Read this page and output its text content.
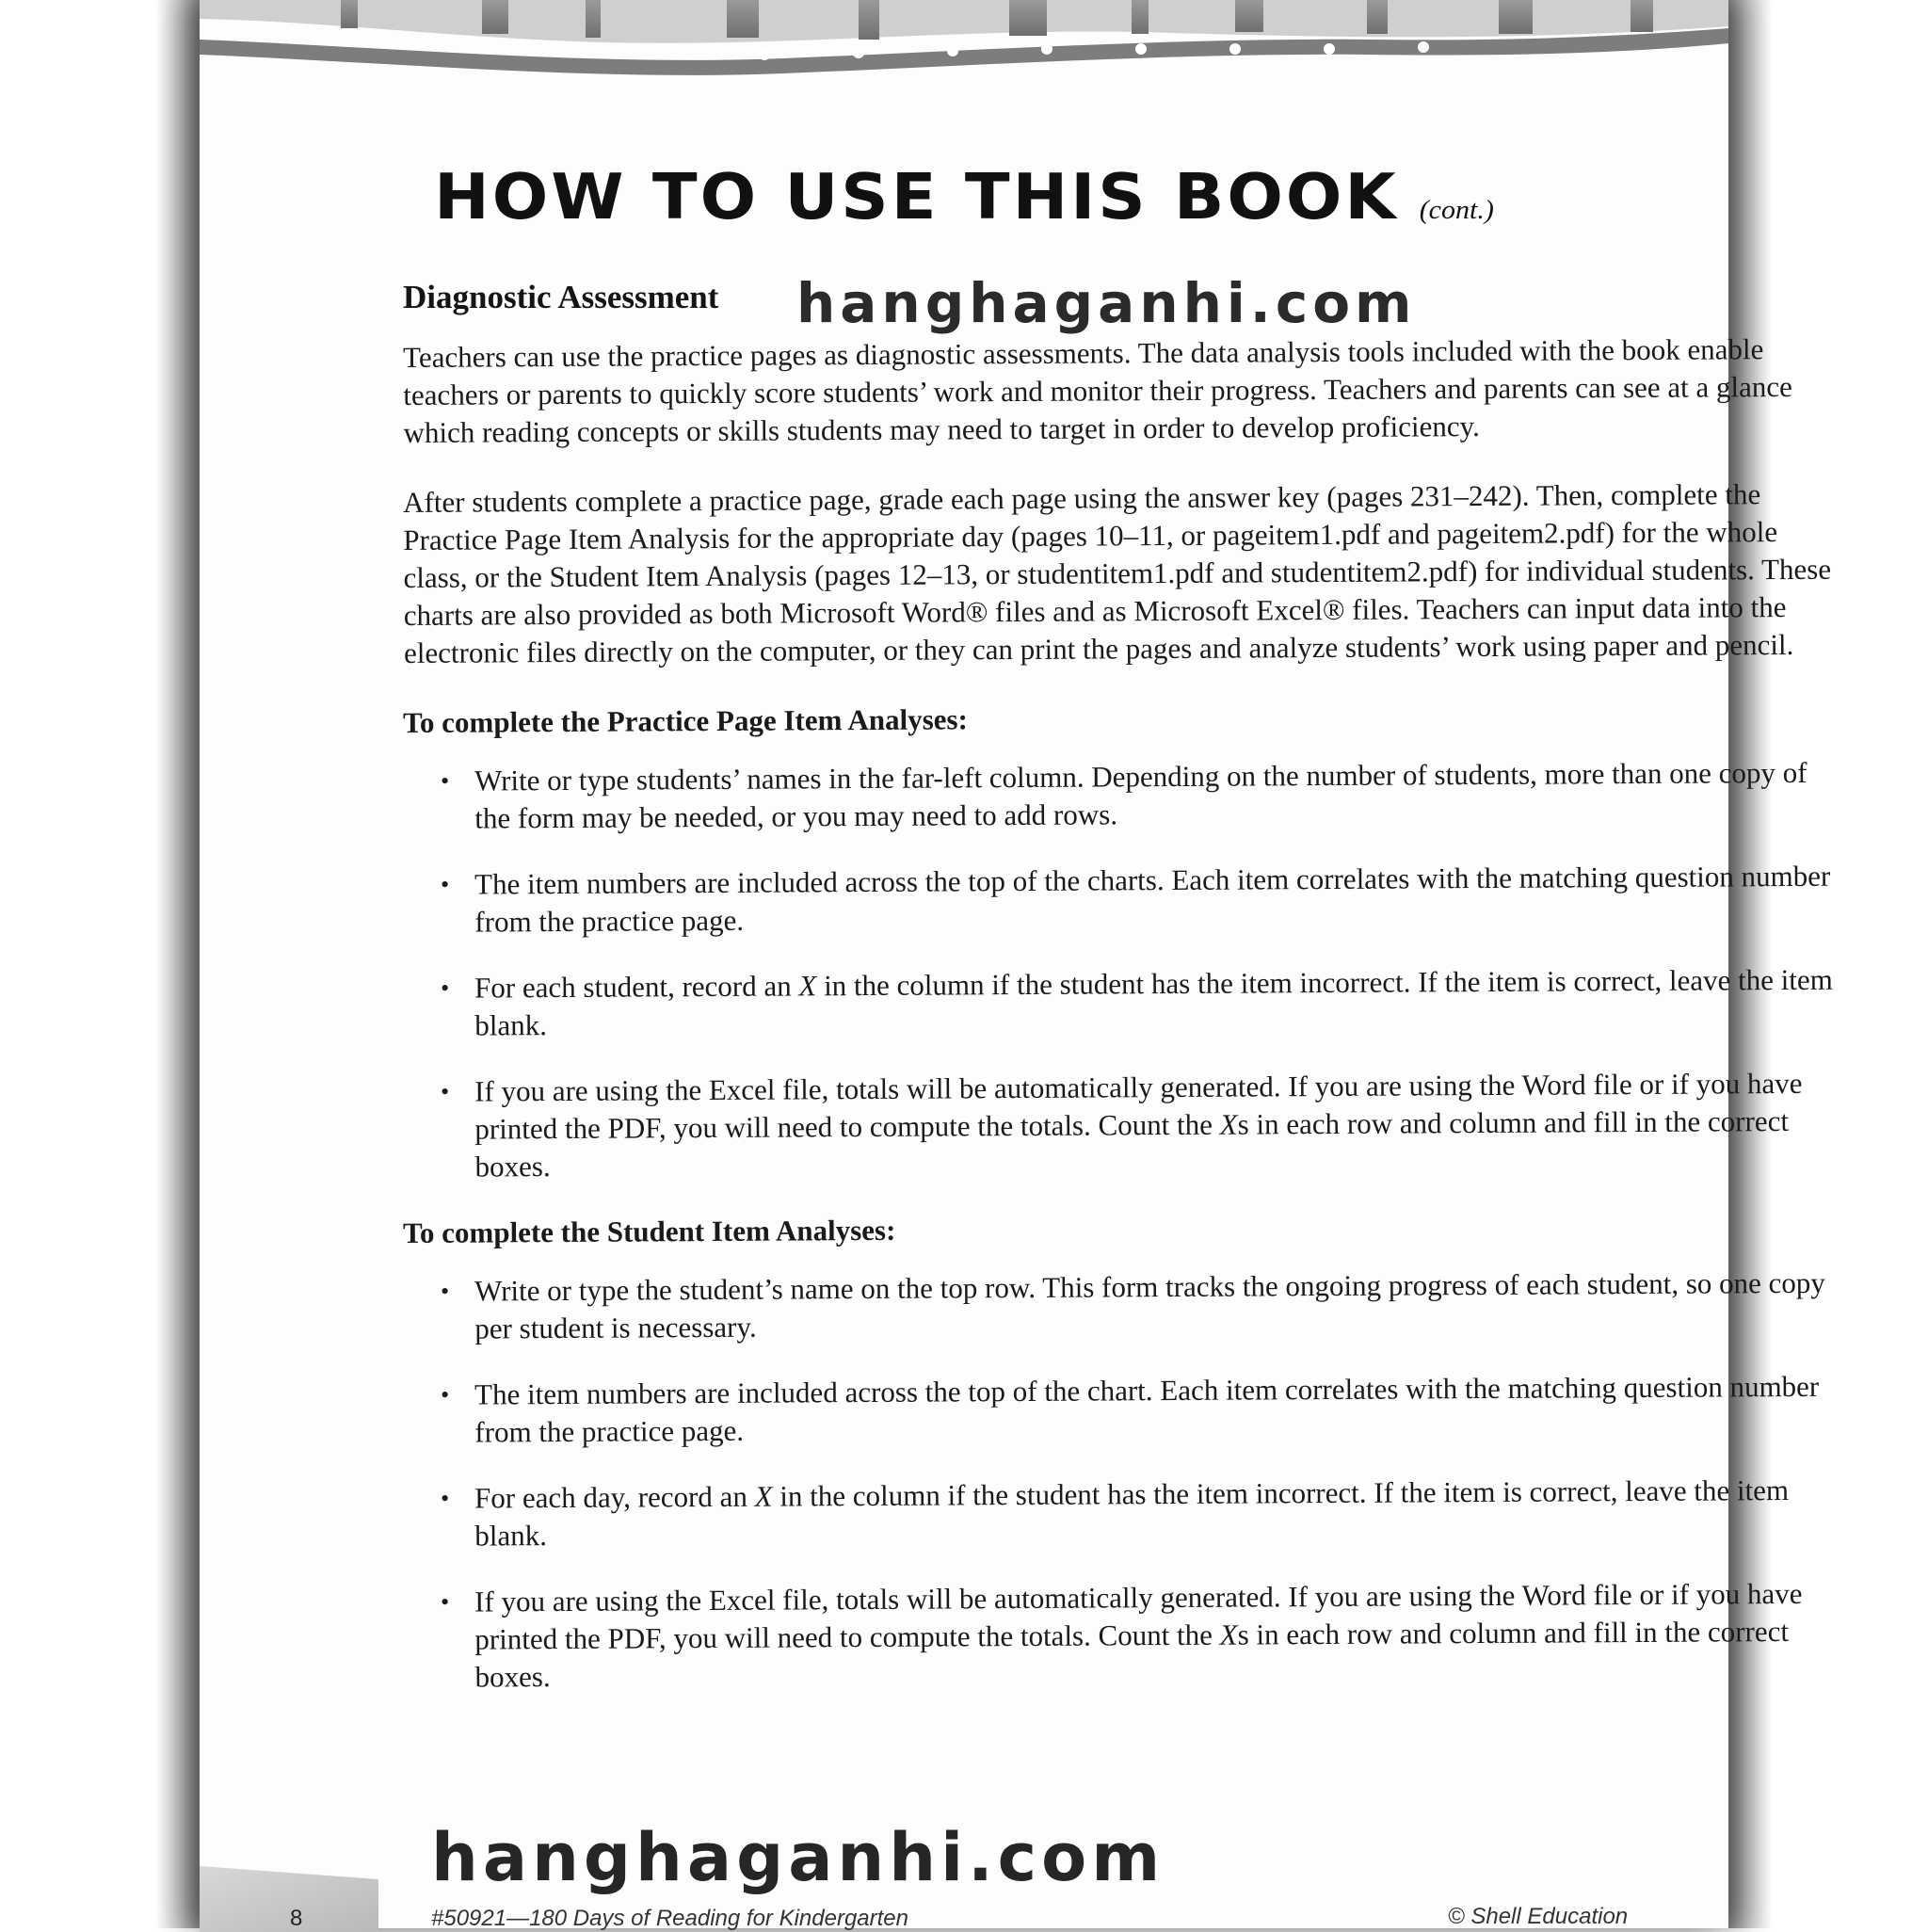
HOW TO USE THIS BOOK (cont.)
Diagnostic Assessment

Teachers can use the practice pages as diagnostic assessments. The data analysis tools included with the book enable teachers or parents to quickly score students’ work and monitor their progress. Teachers and parents can see at a glance which reading concepts or skills students may need to target in order to develop proficiency.

After students complete a practice page, grade each page using the answer key (pages 231–242). Then, complete the Practice Page Item Analysis for the appropriate day (pages 10–11, or pageitem1.pdf and pageitem2.pdf) for the whole class, or the Student Item Analysis (pages 12–13, or studentitem1.pdf and studentitem2.pdf) for individual students. These charts are also provided as both Microsoft Word® files and as Microsoft Excel® files. Teachers can input data into the electronic files directly on the computer, or they can print the pages and analyze students’ work using paper and pencil.

To complete the Practice Page Item Analyses:
• Write or type students’ names in the far-left column. Depending on the number of students, more than one copy of the form may be needed, or you may need to add rows.
• The item numbers are included across the top of the charts. Each item correlates with the matching question number from the practice page.
• For each student, record an X in the column if the student has the item incorrect. If the item is correct, leave the item blank.
• If you are using the Excel file, totals will be automatically generated. If you are using the Word file or if you have printed the PDF, you will need to compute the totals. Count the Xs in each row and column and fill in the correct boxes.
To complete the Student Item Analyses:
• Write or type the student’s name on the top row. This form tracks the ongoing progress of each student, so one copy per student is necessary.
• The item numbers are included across the top of the chart. Each item correlates with the matching question number from the practice page.
• For each day, record an X in the column if the student has the item incorrect. If the item is correct, leave the item blank.
• If you are using the Excel file, totals will be automatically generated. If you are using the Word file or if you have printed the PDF, you will need to compute the totals. Count the Xs in each row and column and fill in the correct boxes.
8	#50921—180 Days of Reading for Kindergarten	© Shell Education
hanghaganhi.com
hanghaganhi.com
